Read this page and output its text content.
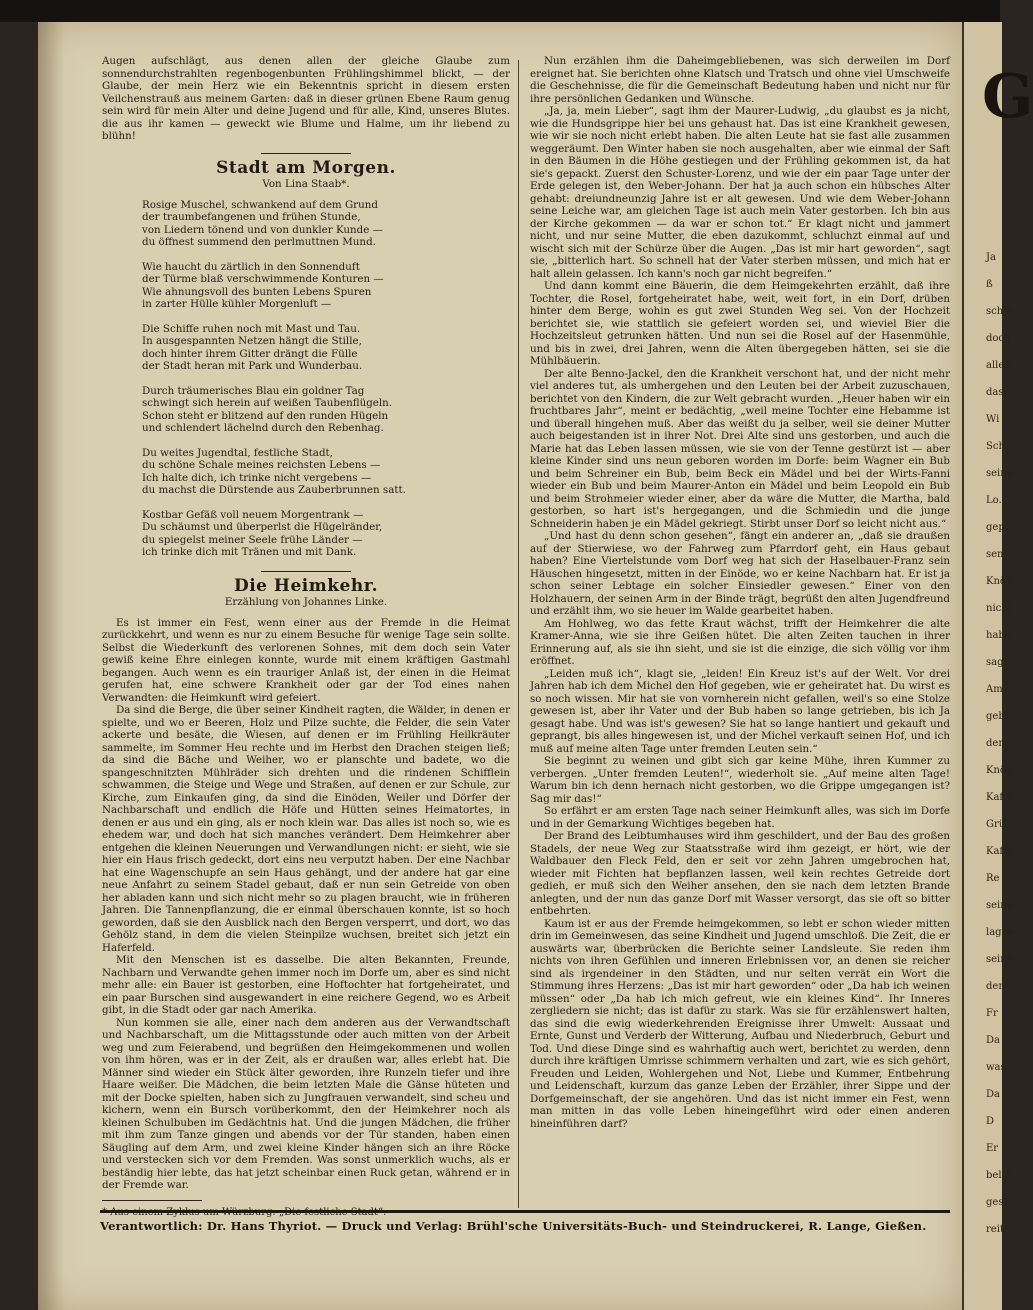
G
Ja
ß
schla
doch
alles
das
Wi
Sch
seine
Lo.
gepu
sen
Knös
nicht
habe
sagt
Am
gebr
den
Knös
Kaffe
Grü
Kaffe
Re
seine
lagen
seine
den
Fr
Da
was
Da
D
Er
belin
ges
reiti

Augen aufschlägt, aus denen allen der gleiche Glaube zum sonnendurchstrahlten regenbogenbunten Frühlingshimmel blickt, — der Glaube, der mein Herz wie ein Bekenntnis spricht in diesem ersten Veilchenstrauß aus meinem Garten: daß in dieser grünen Ebene Raum genug sein wird für mein Alter und deine Jugend und für alle, Kind, unseres Blutes. die aus ihr kamen — geweckt wie Blume und Halme, um ihr liebend zu blühn!

Stadt am Morgen.
Von Lina Staab*.
Rosige Muschel, schwankend auf dem Grund
der traumbefangenen und frühen Stunde,
von Liedern tönend und von dunkler Kunde —
du öffnest summend den perlmuttnen Mund.
Wie haucht du zärtlich in den Sonnenduft
der Türme blaß verschwimmende Konturen —
Wie ahnungsvoll des bunten Lebens Spuren
in zarter Hülle kühler Morgenluft —
Die Schiffe ruhen noch mit Mast und Tau.
In ausgespannten Netzen hängt die Stille,
doch hinter ihrem Gitter drängt die Fülle
der Stadt heran mit Park und Wunderbau.
Durch träumerisches Blau ein goldner Tag
schwingt sich herein auf weißen Taubenflügeln.
Schon steht er blitzend auf den runden Hügeln
und schlendert lächelnd durch den Rebenhag.
Du weites Jugendtal, festliche Stadt,
du schöne Schale meines reichsten Lebens —
Ich halte dich, ich trinke nicht vergebens —
du machst die Dürstende aus Zauberbrunnen satt.
Kostbar Gefäß voll neuem Morgentrank —
Du schäumst und überperlst die Hügelränder,
du spiegelst meiner Seele frühe Länder —
ich trinke dich mit Tränen und mit Dank.
Die Heimkehr.
Erzählung von Johannes Linke.

Es ist immer ein Fest, wenn einer aus der Fremde in die Heimat zurückkehrt, und wenn es nur zu einem Besuche für wenige Tage sein sollte. Selbst die Wiederkunft des verlorenen Sohnes, mit dem doch sein Vater gewiß keine Ehre einlegen konnte, wurde mit einem kräftigen Gastmahl begangen. Auch wenn es ein trauriger Anlaß ist, der einen in die Heimat gerufen hat, eine schwere Krankheit oder gar der Tod eines nahen Verwandten: die Heimkunft wird gefeiert.

Da sind die Berge, die über seiner Kindheit ragten, die Wälder, in denen er spielte, und wo er Beeren, Holz und Pilze suchte, die Felder, die sein Vater ackerte und besäte, die Wiesen, auf denen er im Frühling Heilkräuter sammelte, im Sommer Heu rechte und im Herbst den Drachen steigen ließ; da sind die Bäche und Weiher, wo er planschte und badete, wo die spangeschnitzten Mühlräder sich drehten und die rindenen Schifflein schwammen, die Steige und Wege und Straßen, auf denen er zur Schule, zur Kirche, zum Einkaufen ging, da sind die Einöden, Weiler und Dörfer der Nachbarschaft und endlich die Höfe und Hütten seines Heimatortes, in denen er aus und ein ging, als er noch klein war. Das alles ist noch so, wie es ehedem war, und doch hat sich manches verändert. Dem Heimkehrer aber entgehen die kleinen Neuerungen und Verwandlungen nicht: er sieht, wie sie hier ein Haus frisch gedeckt, dort eins neu verputzt haben. Der eine Nachbar hat eine Wagenschupfe an sein Haus gehängt, und der andere hat gar eine neue Anfahrt zu seinem Stadel gebaut, daß er nun sein Getreide von oben her abladen kann und sich nicht mehr so zu plagen braucht, wie in früheren Jahren. Die Tannenpflanzung, die er einmal überschauen konnte, ist so hoch geworden, daß sie den Ausblick nach den Bergen versperrt, und dort, wo das Gehölz stand, in dem die vielen Steinpilze wuchsen, breitet sich jetzt ein Haferfeld.

Mit den Menschen ist es dasselbe. Die alten Bekannten, Freunde, Nachbarn und Verwandte gehen immer noch im Dorfe um, aber es sind nicht mehr alle: ein Bauer ist gestorben, eine Hoftochter hat fortgeheiratet, und ein paar Burschen sind ausgewandert in eine reichere Gegend, wo es Arbeit gibt, in die Stadt oder gar nach Amerika.

Nun kommen sie alle, einer nach dem anderen aus der Verwandtschaft und Nachbarschaft, um die Mittagsstunde oder auch mitten von der Arbeit weg und zum Feierabend, und begrüßen den Heimgekommenen und wollen von ihm hören, was er in der Zeit, als er draußen war, alles erlebt hat. Die Männer sind wieder ein Stück älter geworden, ihre Runzeln tiefer und ihre Haare weißer. Die Mädchen, die beim letzten Male die Gänse hüteten und mit der Docke spielten, haben sich zu Jungfrauen verwandelt, sind scheu und kichern, wenn ein Bursch vorüberkommt, den der Heimkehrer noch als kleinen Schulbuben im Gedächtnis hat. Und die jungen Mädchen, die früher mit ihm zum Tanze gingen und abends vor der Tür standen, haben einen Säugling auf dem Arm, und zwei kleine Kinder hängen sich an ihre Röcke und verstecken sich vor dem Fremden. Was sonst unmerklich wuchs, als er beständig hier lebte, das hat jetzt scheinbar einen Ruck getan, während er in der Fremde war.

Nun erzählen ihm die Daheimgebliebenen, was sich derweilen im Dorf ereignet hat. Sie berichten ohne Klatsch und Tratsch und ohne viel Umschweife die Geschehnisse, die für die Gemeinschaft Bedeutung haben und nicht nur für ihre persönlichen Gedanken und Wünsche.

„Ja, ja, mein Lieber“, sagt ihm der Maurer-Ludwig, „du glaubst es ja nicht, wie die Hundsgrippe hier bei uns gehaust hat. Das ist eine Krankheit gewesen, wie wir sie noch nicht erlebt haben. Die alten Leute hat sie fast alle zusammen weggeräumt. Den Winter haben sie noch ausgehalten, aber wie einmal der Saft in den Bäumen in die Höhe gestiegen und der Frühling gekommen ist, da hat sie's gepackt. Zuerst den Schuster-Lorenz, und wie der ein paar Tage unter der Erde gelegen ist, den Weber-Johann. Der hat ja auch schon ein hübsches Alter gehabt: dreiundneunzig Jahre ist er alt gewesen. Und wie dem Weber-Johann seine Leiche war, am gleichen Tage ist auch mein Vater gestorben. Ich bin aus der Kirche gekommen — da war er schon tot.“ Er klagt nicht und jammert nicht, und nur seine Mutter, die eben dazukommt, schluchzt einmal auf und wischt sich mit der Schürze über die Augen. „Das ist mir hart geworden“, sagt sie, „bitterlich hart. So schnell hat der Vater sterben müssen, und mich hat er halt allein gelassen. Ich kann's noch gar nicht begreifen.“

Und dann kommt eine Bäuerin, die dem Heimgekehrten erzählt, daß ihre Tochter, die Rosel, fortgeheiratet habe, weit, weit fort, in ein Dorf, drüben hinter dem Berge, wohin es gut zwei Stunden Weg sei. Von der Hochzeit berichtet sie, wie stattlich sie gefeiert worden sei, und wieviel Bier die Hochzeitsleut getrunken hätten. Und nun sei die Rosel auf der Hasenmühle, und bis in zwei, drei Jahren, wenn die Alten übergegeben hätten, sei sie die Mühlbäuerin.

Der alte Benno-Jackel, den die Krankheit verschont hat, und der nicht mehr viel anderes tut, als umhergehen und den Leuten bei der Arbeit zuzuschauen, berichtet von den Kindern, die zur Welt gebracht wurden. „Heuer haben wir ein fruchtbares Jahr“, meint er bedächtig, „weil meine Tochter eine Hebamme ist und überall hingehen muß. Aber das weißt du ja selber, weil sie deiner Mutter auch beigestanden ist in ihrer Not. Drei Alte sind uns gestorben, und auch die Marie hat das Leben lassen müssen, wie sie von der Tenne gestürzt ist — aber kleine Kinder sind uns neun geboren worden im Dorfe: beim Wagner ein Bub und beim Schreiner ein Bub, beim Beck ein Mädel und bei der Wirts-Fanni wieder ein Bub und beim Maurer-Anton ein Mädel und beim Leopold ein Bub und beim Strohmeier wieder einer, aber da wäre die Mutter, die Martha, bald gestorben, so hart ist's hergegangen, und die Schmiedin und die junge Schneiderin haben je ein Mädel gekriegt. Stirbt unser Dorf so leicht nicht aus.“

„Und hast du denn schon gesehen“, fängt ein anderer an, „daß sie draußen auf der Stierwiese, wo der Fahrweg zum Pfarrdorf geht, ein Haus gebaut haben? Eine Viertelstunde vom Dorf weg hat sich der Haselbauer-Franz sein Häuschen hingesetzt, mitten in der Einöde, wo er keine Nachbarn hat. Er ist ja schon seiner Lebtage ein solcher Einsiedler gewesen.“ Einer von den Holzhauern, der seinen Arm in der Binde trägt, begrüßt den alten Jugendfreund und erzählt ihm, wo sie heuer im Walde gearbeitet haben.

Am Hohlweg, wo das fette Kraut wächst, trifft der Heimkehrer die alte Kramer-Anna, wie sie ihre Geißen hütet. Die alten Zeiten tauchen in ihrer Erinnerung auf, als sie ihn sieht, und sie ist die einzige, die sich völlig vor ihm eröffnet.

„Leiden muß ich“, klagt sie, „leiden! Ein Kreuz ist's auf der Welt. Vor drei Jahren hab ich dem Michel den Hof gegeben, wie er geheiratet hat. Du wirst es so noch wissen. Mir hat sie von vornherein nicht gefallen, weil's so eine Stolze gewesen ist, aber ihr Vater und der Bub haben so lange getrieben, bis ich Ja gesagt habe. Und was ist's gewesen? Sie hat so lange hantiert und gekauft und geprangt, bis alles hingewesen ist, und der Michel verkauft seinen Hof, und ich muß auf meine alten Tage unter fremden Leuten sein.“

Sie beginnt zu weinen und gibt sich gar keine Mühe, ihren Kummer zu verbergen. „Unter fremden Leuten!“, wiederholt sie. „Auf meine alten Tage! Warum bin ich denn hernach nicht gestorben, wo die Grippe umgegangen ist? Sag mir das!“

So erfährt er am ersten Tage nach seiner Heimkunft alles, was sich im Dorfe und in der Gemarkung Wichtiges begeben hat.

Der Brand des Leibtumhauses wird ihm geschildert, und der Bau des großen Stadels, der neue Weg zur Staatsstraße wird ihm gezeigt, er hört, wie der Waldbauer den Fleck Feld, den er seit vor zehn Jahren umgebrochen hat, wieder mit Fichten hat bepflanzen lassen, weil kein rechtes Getreide dort gedieh, er muß sich den Weiher ansehen, den sie nach dem letzten Brande anlegten, und der nun das ganze Dorf mit Wasser versorgt, das sie oft so bitter entbehrten.

Kaum ist er aus der Fremde heimgekommen, so lebt er schon wieder mitten drin im Gemeinwesen, das seine Kindheit und Jugend umschloß. Die Zeit, die er auswärts war, überbrücken die Berichte seiner Landsleute. Sie reden ihm nichts von ihren Gefühlen und inneren Erlebnissen vor, an denen sie reicher sind als irgendeiner in den Städten, und nur selten verrät ein Wort die Stimmung ihres Herzens: „Das ist mir hart geworden“ oder „Da hab ich weinen müssen“ oder „Da hab ich mich gefreut, wie ein kleines Kind“. Ihr Inneres zergliedern sie nicht; das ist dafür zu stark. Was sie für erzählenswert halten, das sind die ewig wiederkehrenden Ereignisse ihrer Umwelt: Aussaat und Ernte, Gunst und Verderb der Witterung, Aufbau und Niederbruch, Geburt und Tod. Und diese Dinge sind es wahrhaftig auch wert, berichtet zu werden, denn durch ihre kräftigen Umrisse schimmern verhalten und zart, wie es sich gehört, Freuden und Leiden, Wohlergehen und Not, Liebe und Kummer, Entbehrung und Leidenschaft, kurzum das ganze Leben der Erzähler, ihrer Sippe und der Dorfgemeinschaft, der sie angehören. Und das ist nicht immer ein Fest, wenn man mitten in das volle Leben hineingeführt wird oder einen anderen hineinführen darf?

Verantwortlich: Dr. Hans Thyriot. — Druck und Verlag: Brühl'sche Universitäts-Buch- und Steindruckerei, R. Lange, Gießen.
